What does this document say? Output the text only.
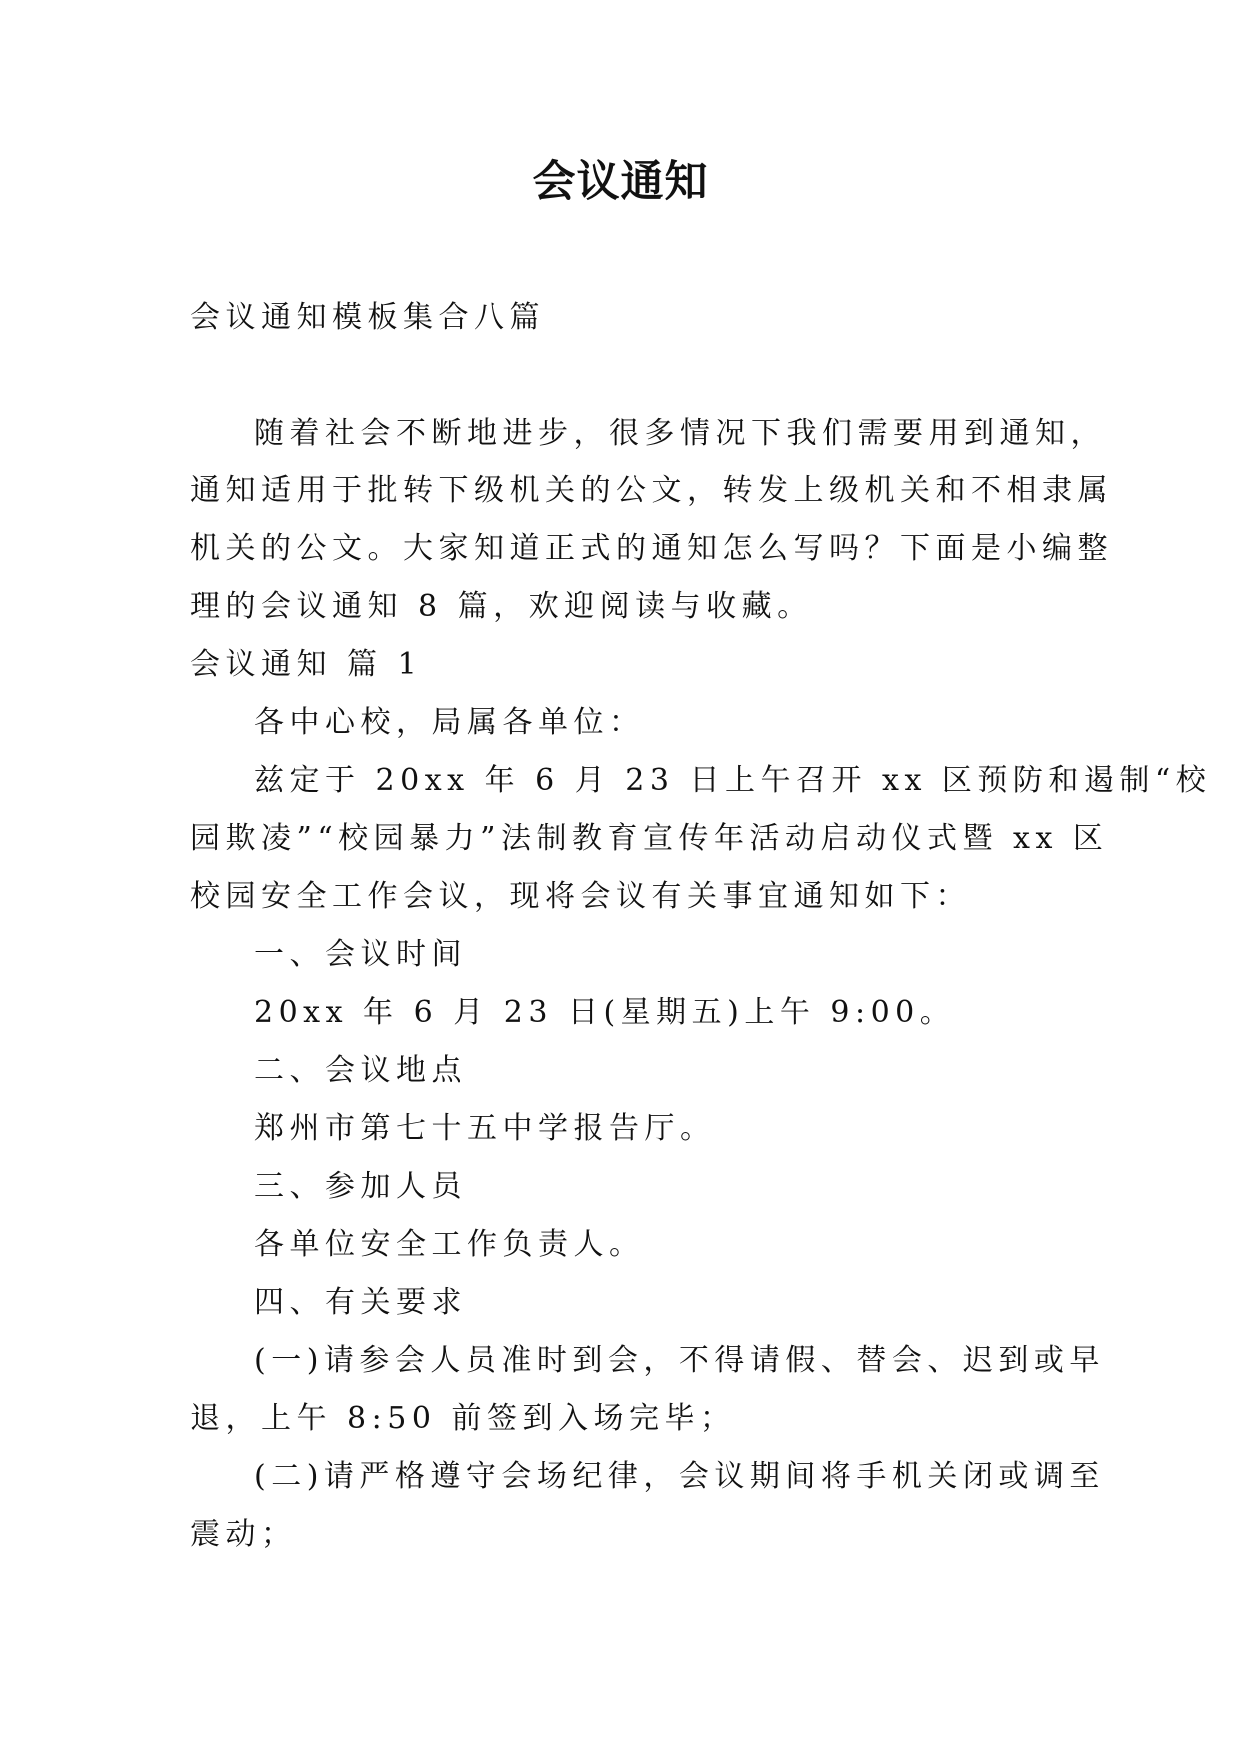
会议通知
会议通知模板集合八篇
随着社会不断地进步，很多情况下我们需要用到通知，
通知适用于批转下级机关的公文，转发上级机关和不相隶属
机关的公文。大家知道正式的通知怎么写吗？下面是小编整
理的会议通知 8 篇，欢迎阅读与收藏。
会议通知 篇 1
各中心校，局属各单位：
兹定于 20xx 年 6 月 23 日上午召开 xx 区预防和遏制“校
园欺凌”“校园暴力”法制教育宣传年活动启动仪式暨 xx 区
校园安全工作会议，现将会议有关事宜通知如下：
一、会议时间
20xx 年 6 月 23 日(星期五)上午 9:00。
二、会议地点
郑州市第七十五中学报告厅。
三、参加人员
各单位安全工作负责人。
四、有关要求
(一)请参会人员准时到会，不得请假、替会、迟到或早
退，上午 8:50 前签到入场完毕；
(二)请严格遵守会场纪律，会议期间将手机关闭或调至
震动；
